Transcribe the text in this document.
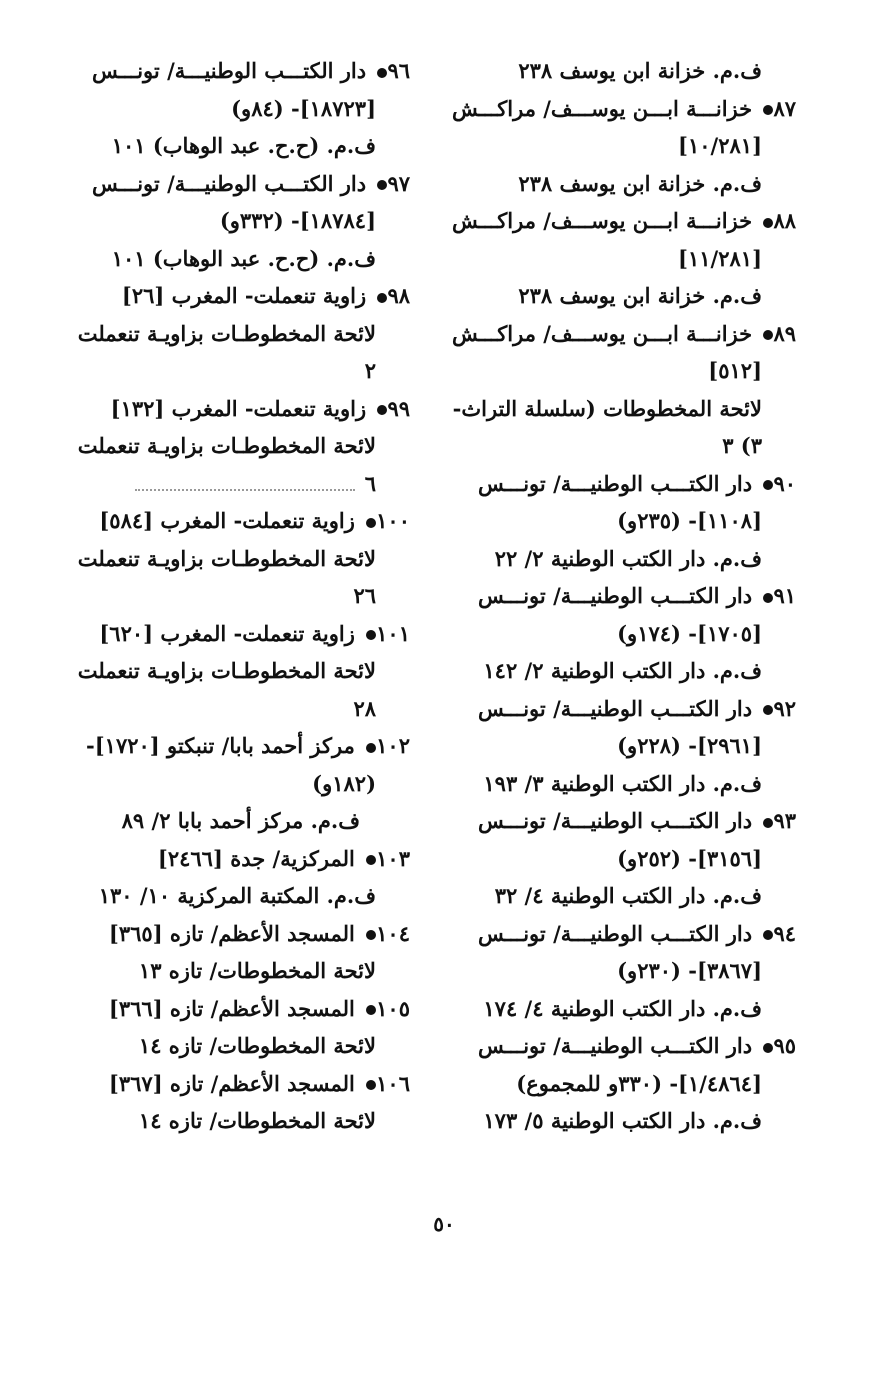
ف.م. خزانة ابن يوسف ٢٣٨
٨٧ خزانـــة ابـــن يوســـف/ مراكـــش
[١٠/٢٨١]
ف.م. خزانة ابن يوسف ٢٣٨
٨٨ خزانـــة ابـــن يوســـف/ مراكـــش
[١١/٢٨١]
ف.م. خزانة ابن يوسف ٢٣٨
٨٩ خزانـــة ابـــن يوســـف/ مراكـــش
[٥١٢]
لائحة المخطوطات (سلسلة التراث-
٣) ٣
٩٠ دار الكتـــب الوطنيـــة/ تونـــس
[١١٠٨]- (٢٣٥و)
ف.م. دار الكتب الوطنية ٢/ ٢٢
٩١ دار الكتـــب الوطنيـــة/ تونـــس
[١٧٠٥]- (١٧٤و)
ف.م. دار الكتب الوطنية ٢/ ١٤٢
٩٢ دار الكتـــب الوطنيـــة/ تونـــس
[٢٩٦١]- (٢٢٨و)
ف.م. دار الكتب الوطنية ٣/ ١٩٣
٩٣ دار الكتـــب الوطنيـــة/ تونـــس
[٣١٥٦]- (٢٥٢و)
ف.م. دار الكتب الوطنية ٤/ ٣٢
٩٤ دار الكتـــب الوطنيـــة/ تونـــس
[٣٨٦٧]- (٢٣٠و)
ف.م. دار الكتب الوطنية ٤/ ١٧٤
٩٥ دار الكتـــب الوطنيـــة/ تونـــس
[١/٤٨٦٤]- (٣٣٠و للمجموع)
ف.م. دار الكتب الوطنية ٥/ ١٧٣
٩٦ دار الكتـــب الوطنيـــة/ تونـــس
[١٨٧٢٣]- (٨٤و)
ف.م. (ح.ح. عبد الوهاب) ١٠١
٩٧ دار الكتـــب الوطنيـــة/ تونـــس
[١٨٧٨٤]- (٣٣٢و)
ف.م. (ح.ح. عبد الوهاب) ١٠١
٩٨ زاوية تنعملت- المغرب [٢٦]
لائحة المخطوطـات بزاويـة تنعملت
٢
٩٩ زاوية تنعملت- المغرب [١٣٢]
لائحة المخطوطـات بزاويـة تنعملت
٦
١٠٠ زاوية تنعملت- المغرب [٥٨٤]
لائحة المخطوطـات بزاويـة تنعملت
٢٦
١٠١ زاوية تنعملت- المغرب [٦٢٠]
لائحة المخطوطـات بزاويـة تنعملت
٢٨
١٠٢ مركز أحمد بابا/ تنبكتو [١٧٢٠]-
(١٨٢و)
ف.م. مركز أحمد بابا ٢/ ٨٩
١٠٣ المركزية/ جدة [٢٤٦٦]
ف.م. المكتبة المركزية ١٠/ ١٣٠
١٠٤ المسجد الأعظم/ تازه [٣٦٥]
لائحة المخطوطات/ تازه ١٣
١٠٥ المسجد الأعظم/ تازه [٣٦٦]
لائحة المخطوطات/ تازه ١٤
١٠٦ المسجد الأعظم/ تازه [٣٦٧]
لائحة المخطوطات/ تازه ١٤
٥٠
